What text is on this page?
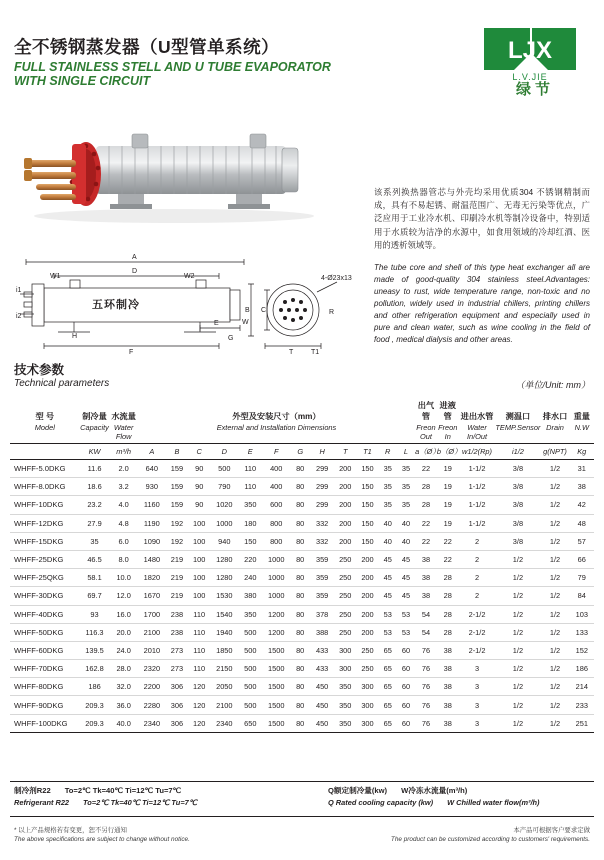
全不锈钢蒸发器（U型管单系统）
FULL STAINLESS STELL AND U TUBE EVAPORATOR
WITH SINGLE CIRCUIT
LJX
L.V.JIE
绿节
该系列换热器管芯与外壳均采用优质304 不锈钢精制而成，具有不易起锈、耐温范围广、无毒无污染等优点，广泛应用于工业冷水机、印刷冷水机等制冷设备中，特别适用于水质较为洁净的水源中，如食用领域的冷却红酒、医用的透析领域等。
The tube core and shell of this type heat exchanger all are made of good-quality 304 stainless steel.Advantages: uneasy to rust, wide temperature range, non-toxic and no pollution, widely used in industrial chillers, printing chillers and other refrigeration equipment and especially used in pure and clean water, such as wine cooling in the field of food , medical dialysis and other areas.
A
D
W1	W2
i1
i2
E
G
W
F
H
B C
T	T1
4-Ø23x13
R
五环制冷
技术参数
Technical parameters	（单位/Unit: mm）
型 号	制冷量	水流量	外型及安装尺寸（mm）												出气管	进液管	进出水管	测温口	排水口	重量
Model	Capacity	Water Flow	External and Installation Dimensions												Freon Out	Freon In	Water In/Out	TEMP.Sensor	Drain	N.W
	KW	m³/h	A	B	C	D	E	F	G	H	T	T1	R	L	a（Ø）	b（Ø）	w1/2(Rp)	i1/2	g(NPT)	Kg
WHFF-5.0DKG	11.6	2.0	640	159	90	500	110	400	80	299	200	150	35	35	22	19	1-1/2	3/8	1/2	31
WHFF-8.0DKG	18.6	3.2	930	159	90	790	110	400	80	299	200	150	35	35	28	19	1-1/2	3/8	1/2	38
WHFF-10DKG	23.2	4.0	1160	159	90	1020	350	600	80	299	200	150	35	35	28	19	1-1/2	3/8	1/2	42
WHFF-12DKG	27.9	4.8	1190	192	100	1000	180	800	80	332	200	150	40	40	22	19	1-1/2	3/8	1/2	48
WHFF-15DKG	35	6.0	1090	192	100	940	150	800	80	332	200	150	40	40	22	22	2	3/8	1/2	57
WHFF-25DKG	46.5	8.0	1480	219	100	1280	220	1000	80	359	250	200	45	45	38	22	2	1/2	1/2	66
WHFF-25QKG	58.1	10.0	1820	219	100	1280	240	1000	80	359	250	200	45	45	38	28	2	1/2	1/2	79
WHFF-30DKG	69.7	12.0	1670	219	100	1530	380	1000	80	359	250	200	45	45	38	28	2	1/2	1/2	84
WHFF-40DKG	93	16.0	1700	238	110	1540	350	1200	80	378	250	200	53	53	54	28	2-1/2	1/2	1/2	103
WHFF-50DKG	116.3	20.0	2100	238	110	1940	500	1200	80	388	250	200	53	53	54	28	2-1/2	1/2	1/2	133
WHFF-60DKG	139.5	24.0	2010	273	110	1850	500	1500	80	433	300	250	65	60	76	38	2-1/2	1/2	1/2	152
WHFF-70DKG	162.8	28.0	2320	273	110	2150	500	1500	80	433	300	250	65	60	76	38	3	1/2	1/2	186
WHFF-80DKG	186	32.0	2200	306	120	2050	500	1500	80	450	350	300	65	60	76	38	3	1/2	1/2	214
WHFF-90DKG	209.3	36.0	2280	306	120	2100	500	1500	80	450	350	300	65	60	76	38	3	1/2	1/2	233
WHFF-100DKG	209.3	40.0	2340	306	120	2340	650	1500	80	450	350	300	65	60	76	38	3	1/2	1/2	251
制冷剂R22 To=2℃ Tk=40℃ Ti=12℃ Tu=7℃
Refrigerant R22 To=2℃ Tk=40℃ Ti=12℃ Tu=7℃
Q额定制冷量(kw) W冷冻水流量(m³/h)
Q Rated cooling capacity (kw) W Chilled water flow(m³/h)
* 以上产品规格若有变更，恕不另行通知
The above specifications are subject to change without notice.
本产品可根据客户要求定做
The product can be customized according to customers' requirements.
